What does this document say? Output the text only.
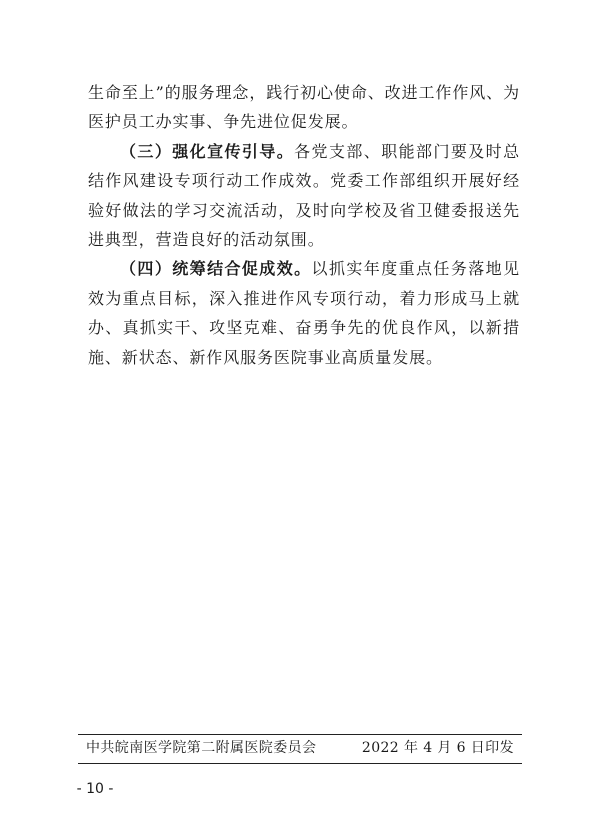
生命至上”的服务理念，践行初心使命、改进工作作风、为医护员工办实事、争先进位促发展。

（三）强化宣传引导。各党支部、职能部门要及时总结作风建设专项行动工作成效。党委工作部组织开展好经验好做法的学习交流活动，及时向学校及省卫健委报送先进典型，营造良好的活动氛围。

（四）统筹结合促成效。以抓实年度重点任务落地见效为重点目标，深入推进作风专项行动，着力形成马上就办、真抓实干、攻坚克难、奋勇争先的优良作风，以新措施、新状态、新作风服务医院事业高质量发展。

中共皖南医学院第二附属医院委员会	2022 年 4 月 6 日印发
- 10 -
